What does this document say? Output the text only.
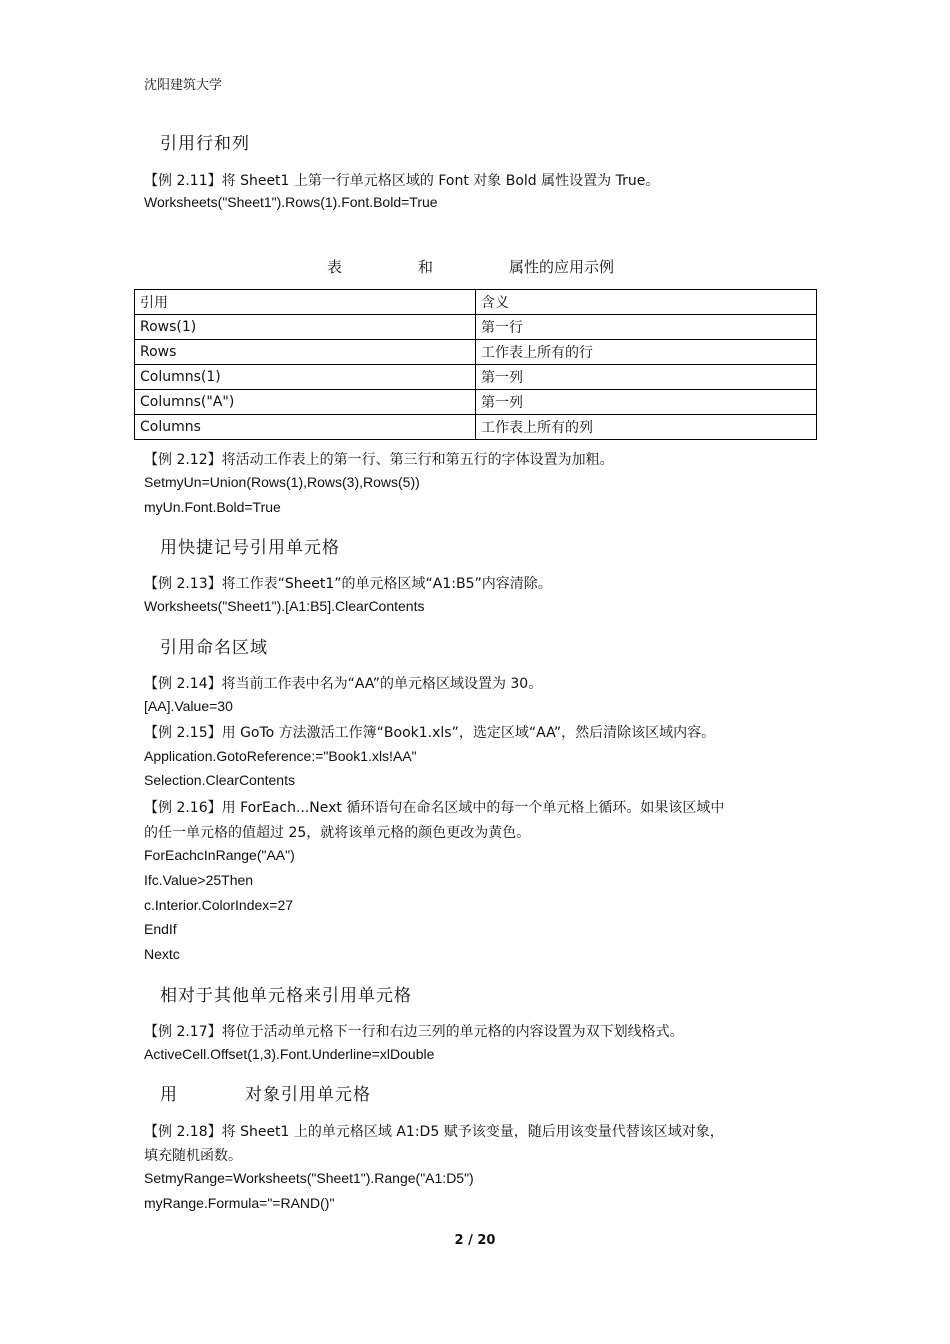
沈阳建筑大学
引用行和列
【例 2.11】将 Sheet1 上第一行单元格区域的 Font 对象 Bold 属性设置为 True。
Worksheets("Sheet1").Rows(1).Font.Bold=True
表	和	属性的应用示例
引用	含义
Rows(1)	第一行
Rows	工作表上所有的行
Columns(1)	第一列
Columns("A")	第一列
Columns	工作表上所有的列
【例 2.12】将活动工作表上的第一行、第三行和第五行的字体设置为加粗。
SetmyUn=Union(Rows(1),Rows(3),Rows(5))
myUn.Font.Bold=True
用快捷记号引用单元格
【例 2.13】将工作表“Sheet1”的单元格区域“A1:B5”内容清除。
Worksheets("Sheet1").[A1:B5].ClearContents
引用命名区域
【例 2.14】将当前工作表中名为“AA”的单元格区域设置为 30。
[AA].Value=30
【例 2.15】用 GoTo 方法激活工作簿“Book1.xls”，选定区域“AA”，然后清除该区域内容。
Application.GotoReference:="Book1.xls!AA"
Selection.ClearContents
【例 2.16】用 ForEach...Next 循环语句在命名区域中的每一个单元格上循环。如果该区域中
的任一单元格的值超过 25，就将该单元格的颜色更改为黄色。
ForEachcInRange("AA")
Ifc.Value>25Then
c.Interior.ColorIndex=27
EndIf
Nextc
相对于其他单元格来引用单元格
【例 2.17】将位于活动单元格下一行和右边三列的单元格的内容设置为双下划线格式。
ActiveCell.Offset(1,3).Font.Underline=xlDouble
用	对象引用单元格
【例 2.18】将 Sheet1 上的单元格区域 A1:D5 赋予该变量，随后用该变量代替该区域对象，
填充随机函数。
SetmyRange=Worksheets("Sheet1").Range("A1:D5")
myRange.Formula="=RAND()"
2 / 20
